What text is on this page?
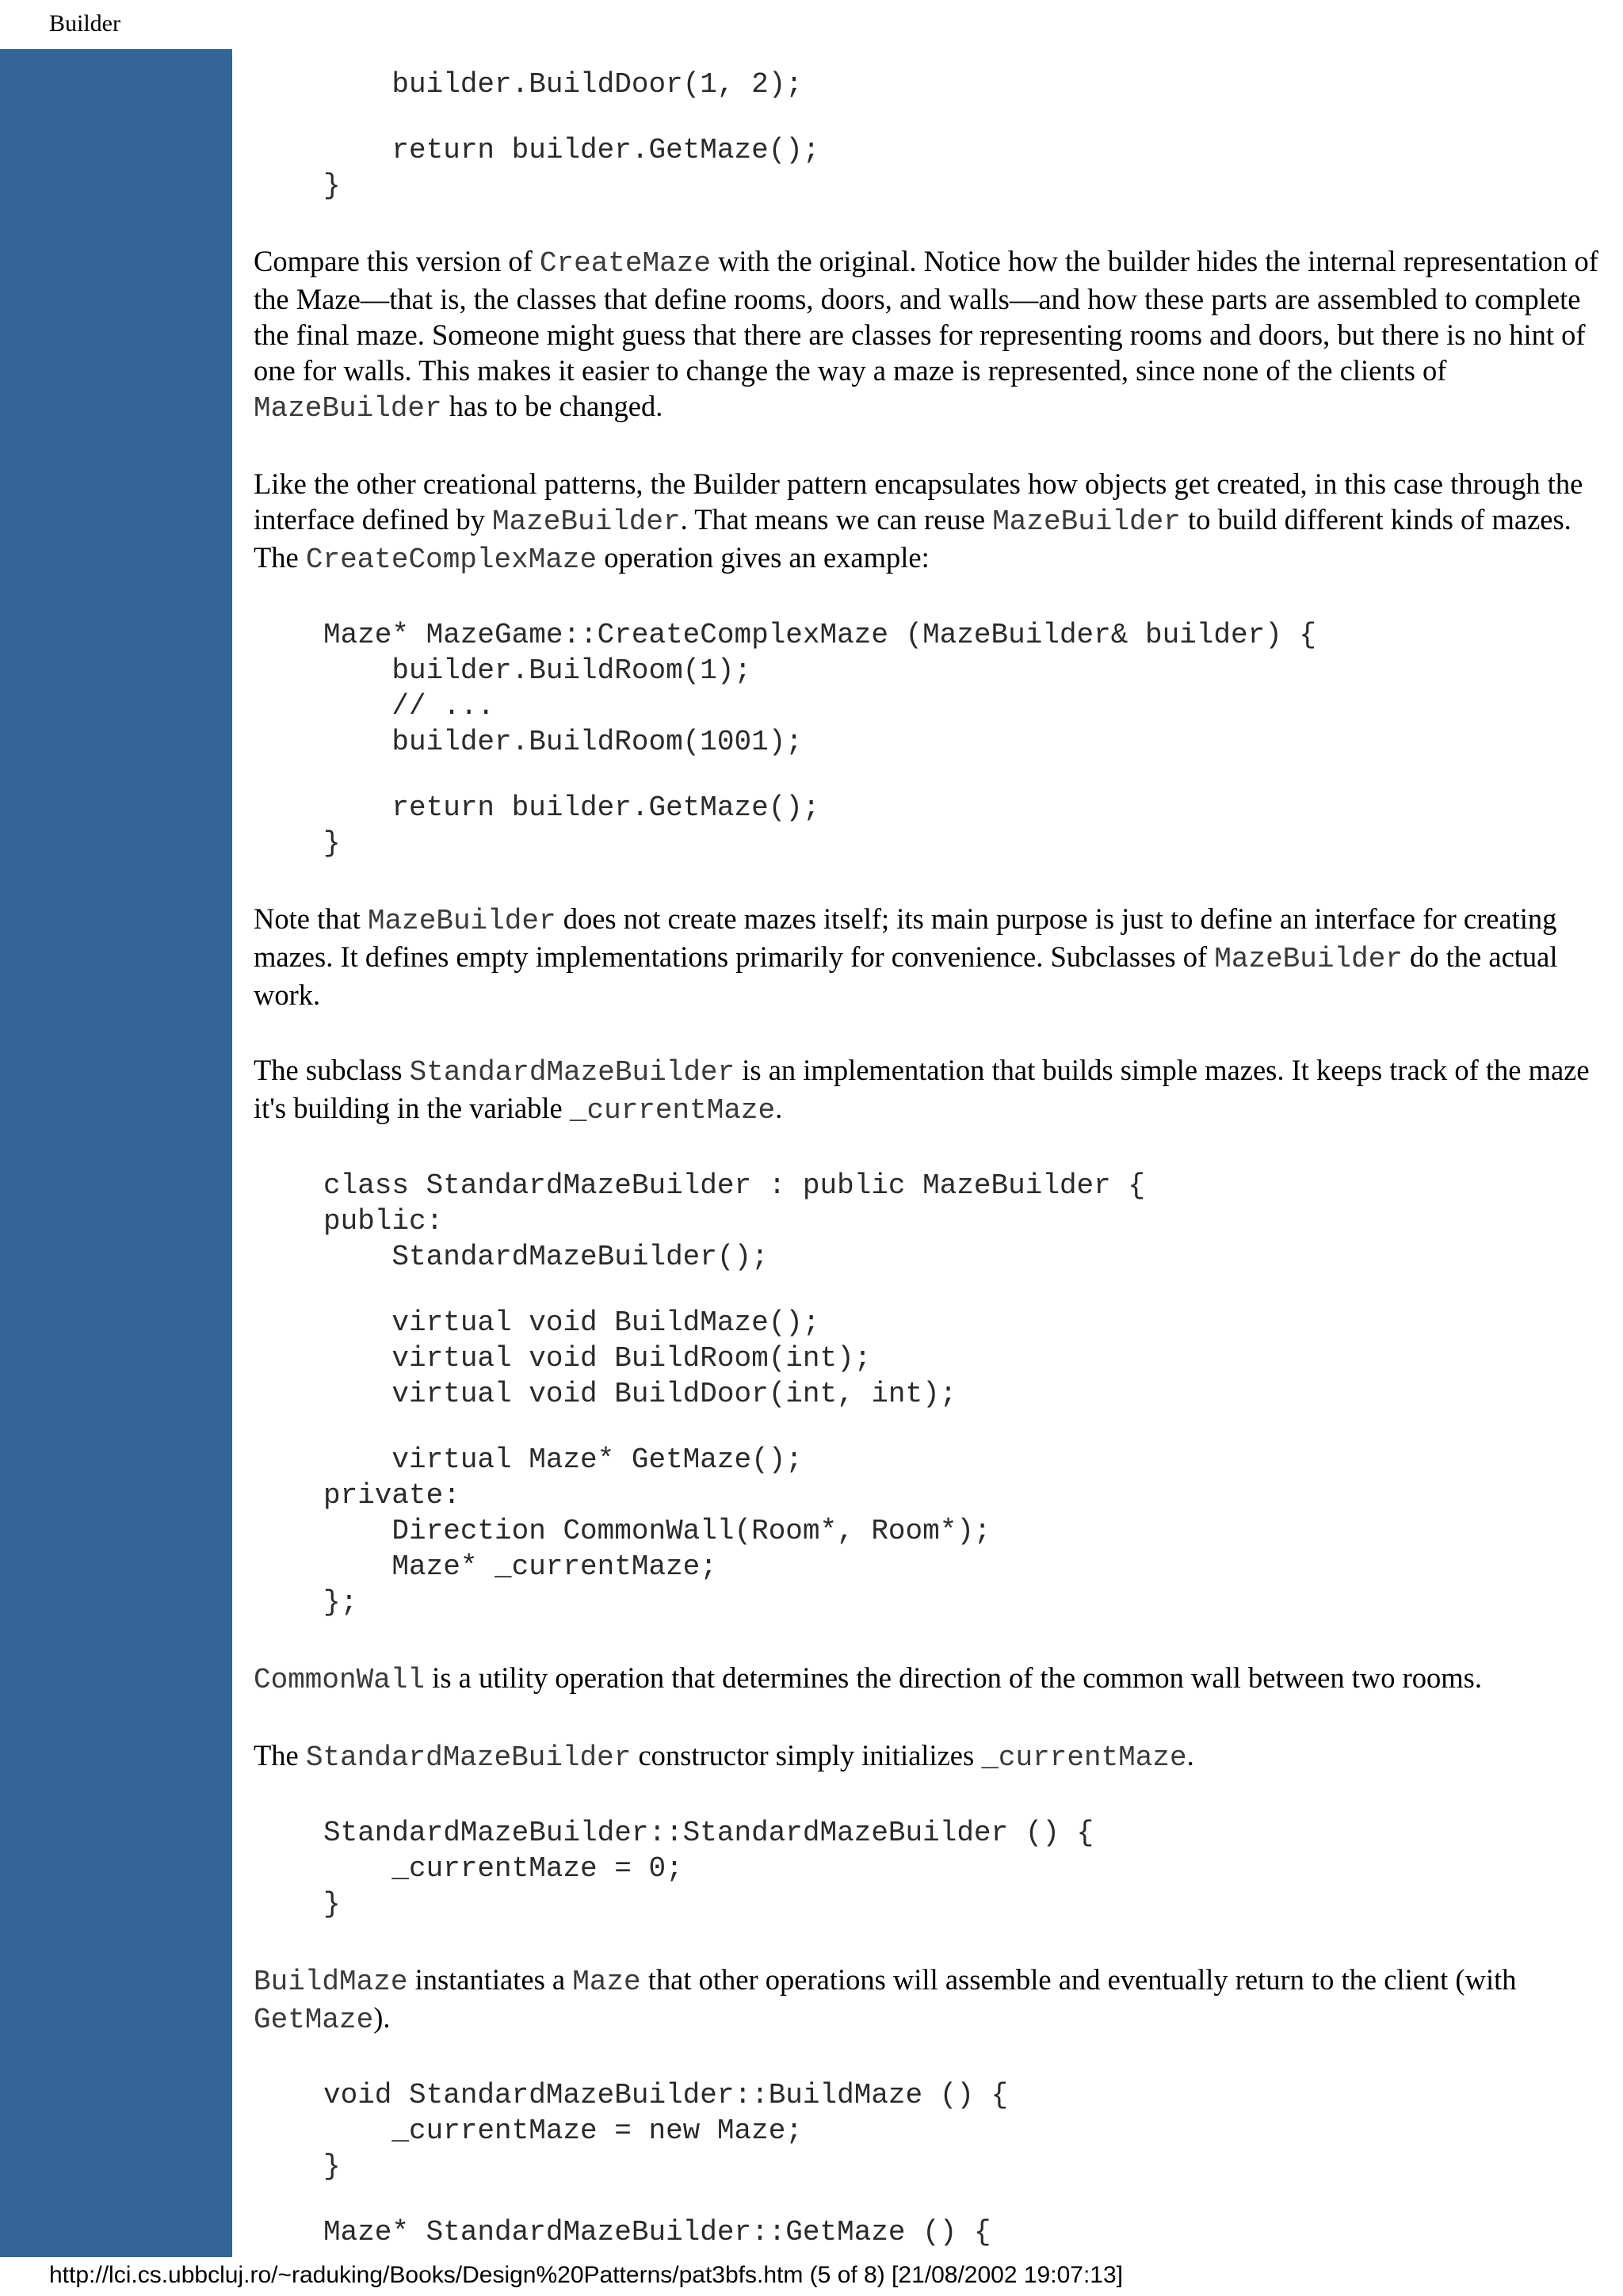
Builder
builder.BuildDoor(1, 2);
return builder.GetMaze();
}

Compare this version of CreateMaze with the original. Notice how the builder hides the internal representation of the Maze—that is, the classes that define rooms, doors, and walls—and how these parts are assembled to complete the final maze. Someone might guess that there are classes for representing rooms and doors, but there is no hint of one for walls. This makes it easier to change the way a maze is represented, since none of the clients of MazeBuilder has to be changed.

Like the other creational patterns, the Builder pattern encapsulates how objects get created, in this case through the interface defined by MazeBuilder. That means we can reuse MazeBuilder to build different kinds of mazes. The CreateComplexMaze operation gives an example:

Maze* MazeGame::CreateComplexMaze (MazeBuilder& builder) {
builder.BuildRoom(1);
// ...
builder.BuildRoom(1001);
return builder.GetMaze();
}

Note that MazeBuilder does not create mazes itself; its main purpose is just to define an interface for creating mazes. It defines empty implementations primarily for convenience. Subclasses of MazeBuilder do the actual work.

The subclass StandardMazeBuilder is an implementation that builds simple mazes. It keeps track of the maze it's building in the variable _currentMaze.

class StandardMazeBuilder : public MazeBuilder {
public:
StandardMazeBuilder();
virtual void BuildMaze();
virtual void BuildRoom(int);
virtual void BuildDoor(int, int);
virtual Maze* GetMaze();
private:
Direction CommonWall(Room*, Room*);
Maze* _currentMaze;
};

CommonWall is a utility operation that determines the direction of the common wall between two rooms.

The StandardMazeBuilder constructor simply initializes _currentMaze.

StandardMazeBuilder::StandardMazeBuilder () {
_currentMaze = 0;
}

BuildMaze instantiates a Maze that other operations will assemble and eventually return to the client (with GetMaze).

void StandardMazeBuilder::BuildMaze () {
_currentMaze = new Maze;
}
Maze* StandardMazeBuilder::GetMaze () {
http://lci.cs.ubbcluj.ro/~raduking/Books/Design%20Patterns/pat3bfs.htm (5 of 8) [21/08/2002 19:07:13]
